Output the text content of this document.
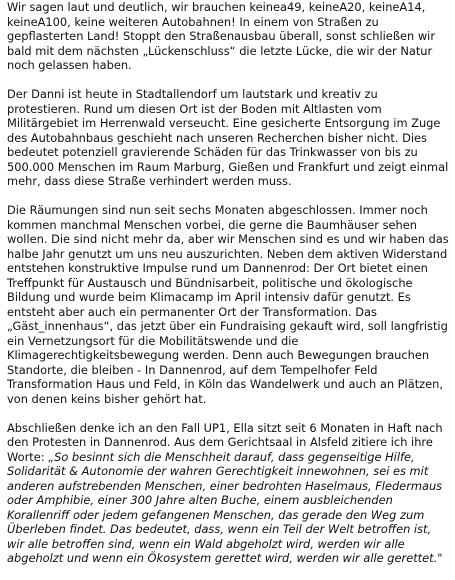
Wir sagen laut und deutlich, wir brauchen keinea49, keineA20, keineA14, keineA100, keine weiteren Autobahnen! In einem von Straßen zu gepflasterten Land! Stoppt den Straßenausbau überall, sonst schließen wir bald mit dem nächsten „Lückenschluss“ die letzte Lücke, die wir der Natur noch gelassen haben.

Der Danni ist heute in Stadtallendorf um lautstark und kreativ zu protestieren. Rund um diesen Ort ist der Boden mit Altlasten vom Militärgebiet im Herrenwald verseucht. Eine gesicherte Entsorgung im Zuge des Autobahnbaus geschieht nach unseren Recherchen bisher nicht. Dies bedeutet potenziell gravierende Schäden für das Trinkwasser von bis zu 500.000 Menschen im Raum Marburg, Gießen und Frankfurt und zeigt einmal mehr, dass diese Straße verhindert werden muss.

Die Räumungen sind nun seit sechs Monaten abgeschlossen. Immer noch kommen manchmal Menschen vorbei, die gerne die Baumhäuser sehen wollen. Die sind nicht mehr da, aber wir Menschen sind es und wir haben das halbe Jahr genutzt um uns neu auszurichten. Neben dem aktiven Widerstand entstehen konstruktive Impulse rund um Dannenrod: Der Ort bietet einen Treffpunkt für Austausch und Bündnisarbeit, politische und ökologische Bildung und wurde beim Klimacamp im April intensiv dafür genutzt. Es entsteht aber auch ein permanenter Ort der Transformation. Das „Gäst_innenhaus“, das jetzt über ein Fundraising gekauft wird, soll langfristig ein Vernetzungsort für die Mobilitätswende und die Klimagerechtigkeitsbewegung werden. Denn auch Bewegungen brauchen Standorte, die bleiben - In Dannenrod, auf dem Tempelhofer Feld Transformation Haus und Feld, in Köln das Wandelwerk und auch an Plätzen, von denen keins bisher gehört hat.

Abschließen denke ich an den Fall UP1, Ella sitzt seit 6 Monaten in Haft nach den Protesten in Dannenrod. Aus dem Gerichtsaal in Alsfeld zitiere ich ihre Worte: „So besinnt sich die Menschheit darauf, dass gegenseitige Hilfe, Solidarität & Autonomie der wahren Gerechtigkeit innewohnen, sei es mit anderen aufstrebenden Menschen, einer bedrohten Haselmaus, Fledermaus oder Amphibie, einer 300 Jahre alten Buche, einem ausbleichenden Korallenriff oder jedem gefangenen Menschen, das gerade den Weg zum Überleben findet. Das bedeutet, dass, wenn ein Teil der Welt betroffen ist, wir alle betroffen sind, wenn ein Wald abgeholzt wird, werden wir alle abgeholzt und wenn ein Ökosystem gerettet wird, werden wir alle gerettet."
